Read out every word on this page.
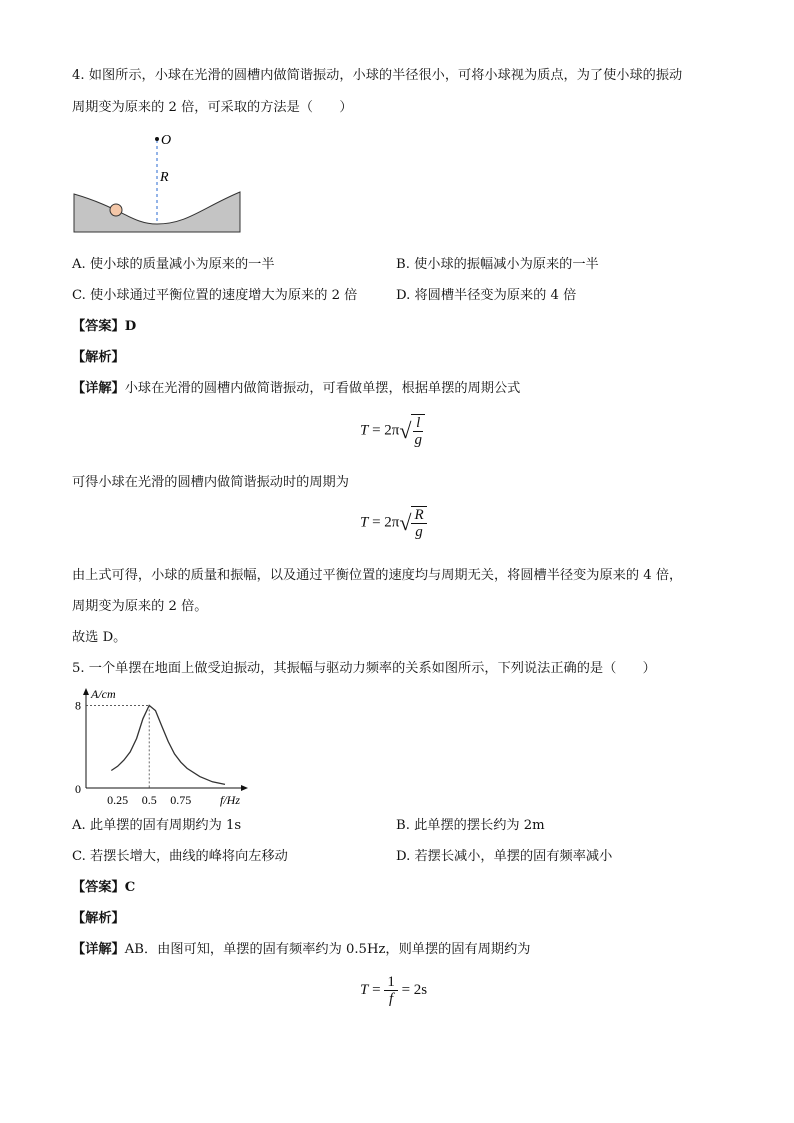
4. 如图所示，小球在光滑的圆槽内做简谐振动，小球的半径很小，可将小球视为质点，为了使小球的振动
周期变为原来的 2 倍，可采取的方法是（　　）
O
R
A. 使小球的质量减小为原来的一半	B. 使小球的振幅减小为原来的一半
C. 使小球通过平衡位置的速度增大为原来的 2 倍	D. 将圆槽半径变为原来的 4 倍
【答案】D
【解析】
【详解】小球在光滑的圆槽内做简谐振动，可看做单摆，根据单摆的周期公式
$T = 2\pi√ \frac{l}{g}$
可得小球在光滑的圆槽内做简谐振动时的周期为
$T = 2\pi√ \frac{R}{g}$
由上式可得，小球的质量和振幅，以及通过平衡位置的速度均与周期无关，将圆槽半径变为原来的 4 倍，
周期变为原来的 2 倍。
故选 D。
5. 一个单摆在地面上做受迫振动，其振幅与驱动力频率的关系如图所示，下列说法正确的是（　　）
A/cm
f/Hz
0
8
0.25 0.5 0.75
A. 此单摆的固有周期约为 1s	B. 此单摆的摆长约为 2m
C. 若摆长增大，曲线的峰将向左移动	D. 若摆长减小，单摆的固有频率减小
【答案】C
【解析】
【详解】AB．由图可知，单摆的固有频率约为 0.5Hz，则单摆的固有周期约为
$T = \frac{1}{f} = 2s$
